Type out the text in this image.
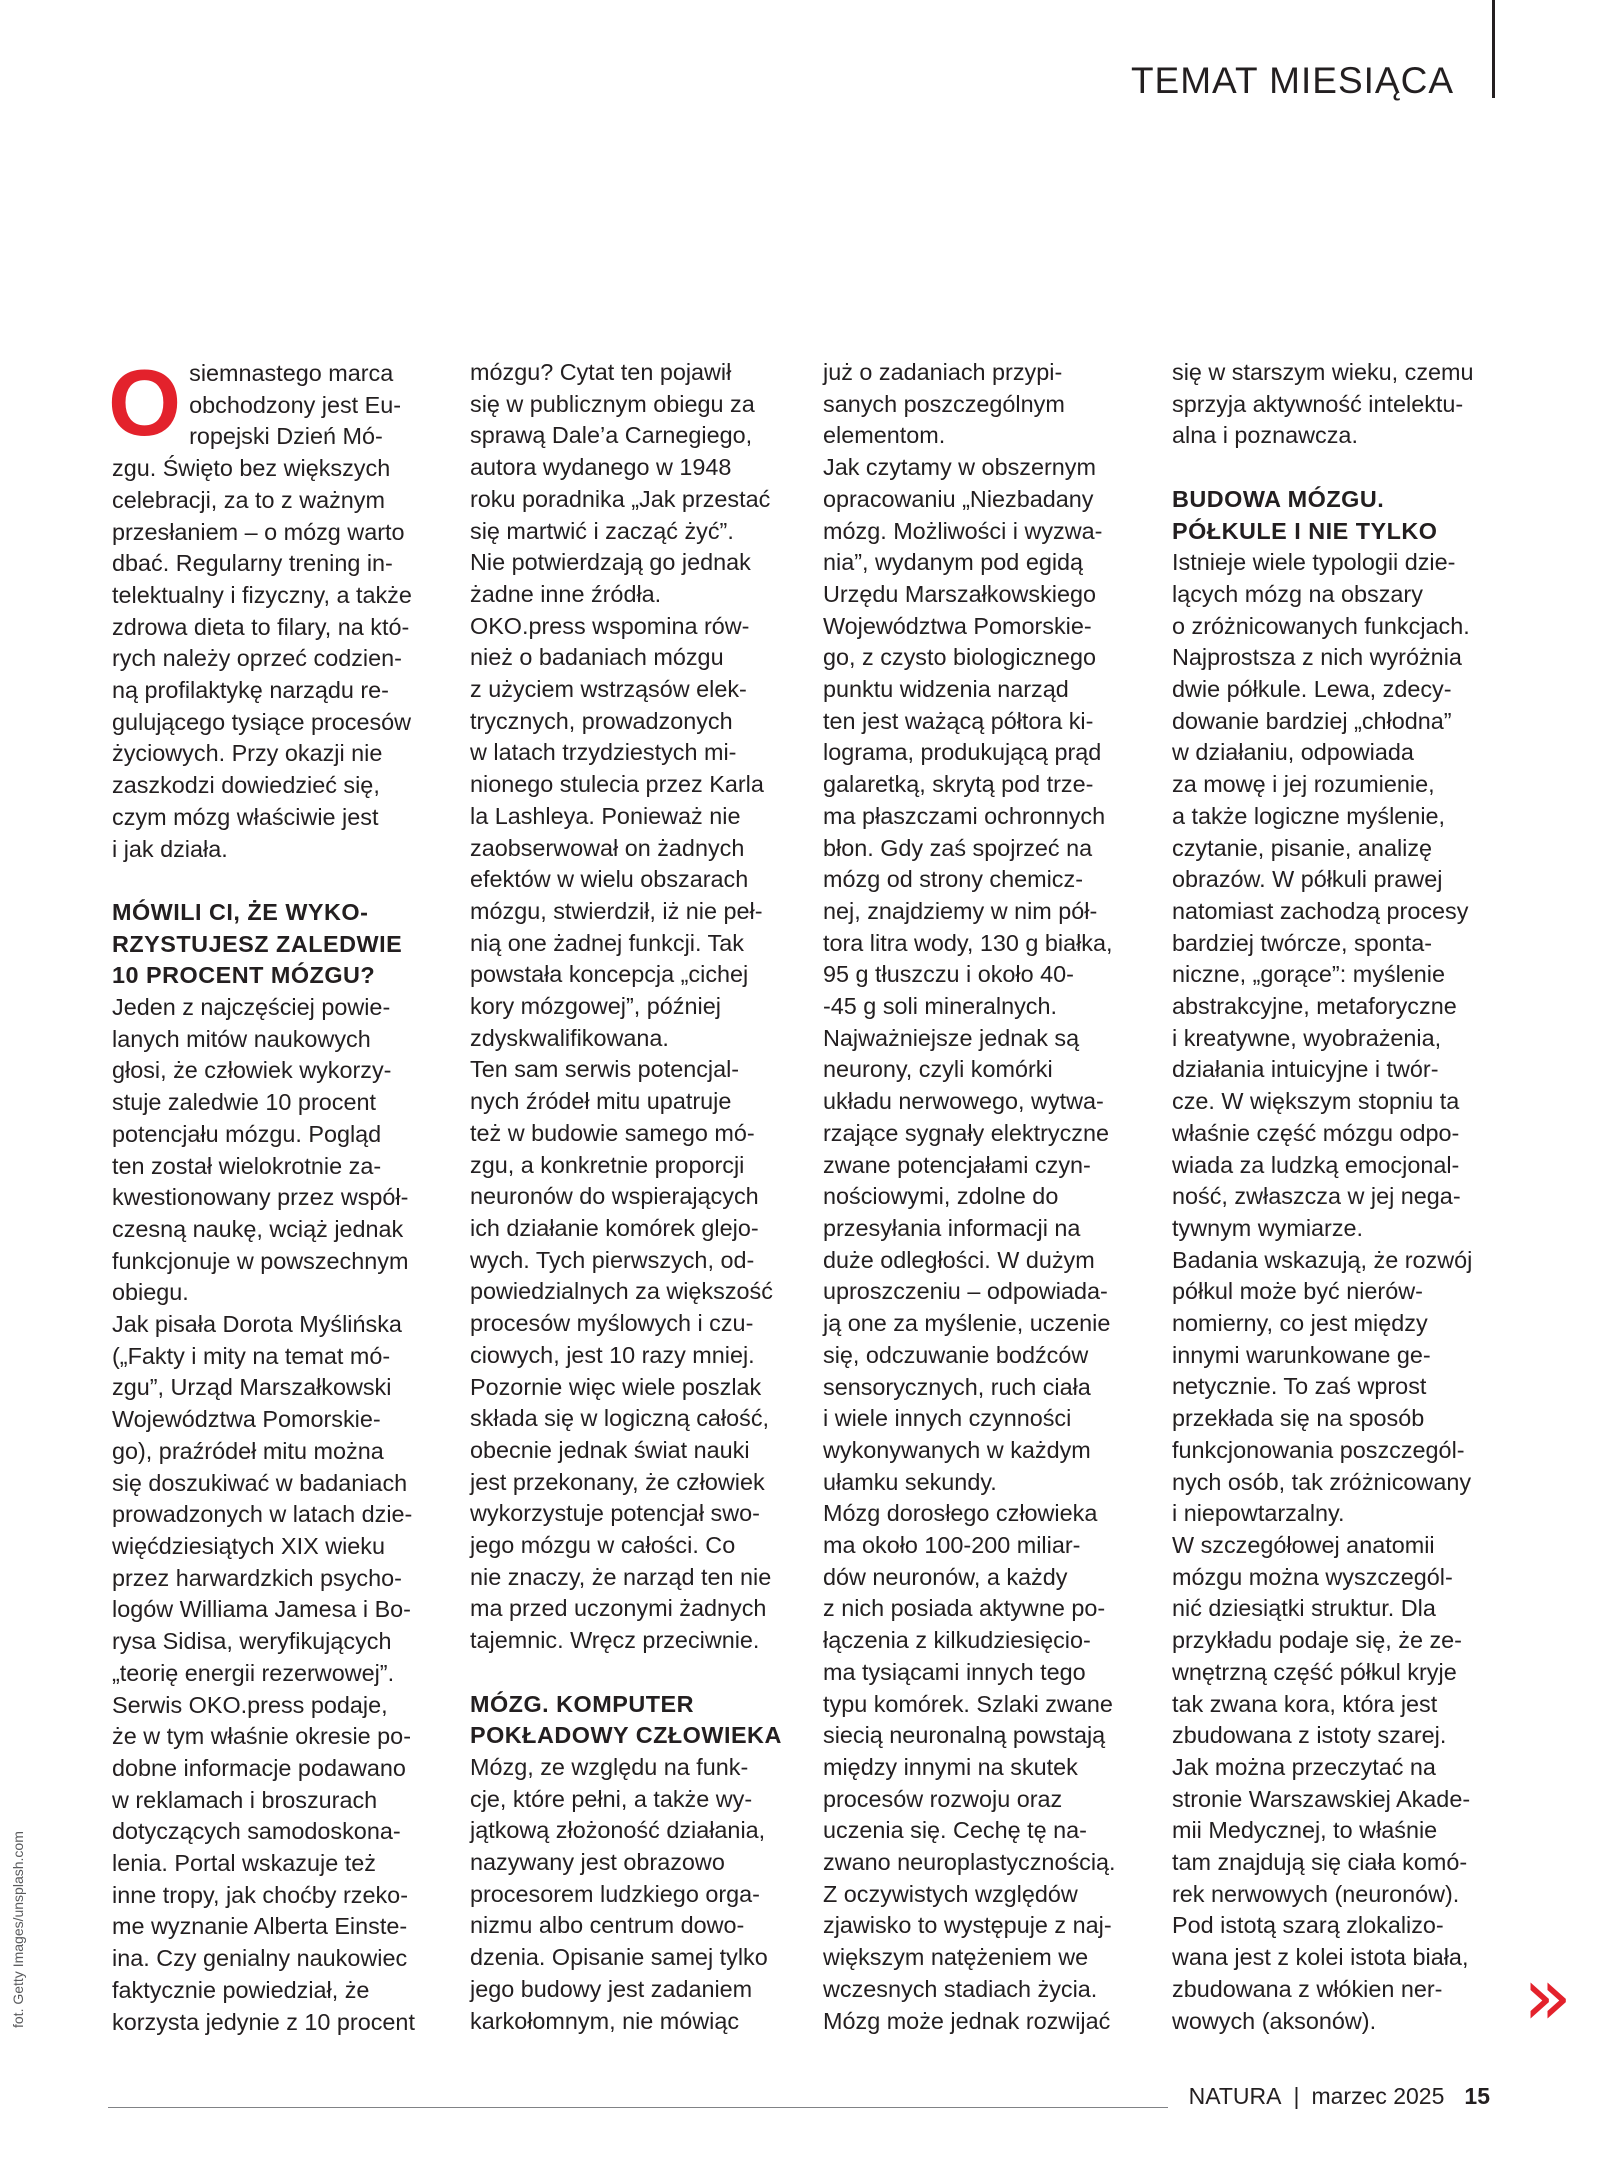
TEMAT MIESIĄCA
O siemnastego marca

obchodzony jest Eu-

ropejski Dzień Mó-

zgu. Święto bez większych

celebracji, za to z ważnym

przesłaniem – o mózg warto

dbać. Regularny trening in-

telektualny i fizyczny, a także

zdrowa dieta to filary, na któ-

rych należy oprzeć codzien-

ną profilaktykę narządu re-

gulującego tysiące procesów

życiowych. Przy okazji nie

zaszkodzi dowiedzieć się,

czym mózg właściwie jest

i jak działa.

MÓWILI CI, ŻE WYKO-

RZYSTUJESZ ZALEDWIE

10 PROCENT MÓZGU?

Jeden z najczęściej powie-

lanych mitów naukowych

głosi, że człowiek wykorzy-

stuje zaledwie 10 procent

potencjału mózgu. Pogląd

ten został wielokrotnie za-

kwestionowany przez współ-

czesną naukę, wciąż jednak

funkcjonuje w powszechnym

obiegu.

Jak pisała Dorota Myślińska

(„Fakty i mity na temat mó-

zgu”, Urząd Marszałkowski

Województwa Pomorskie-

go), praźródeł mitu można

się doszukiwać w badaniach

prowadzonych w latach dzie-

więćdziesiątych XIX wieku

przez harwardzkich psycho-

logów Williama Jamesa i Bo-

rysa Sidisa, weryfikujących

„teorię energii rezerwowej”.

Serwis OKO.press podaje,

że w tym właśnie okresie po-

dobne informacje podawano

w reklamach i broszurach

dotyczących samodoskona-

lenia. Portal wskazuje też

inne tropy, jak choćby rzeko-

me wyznanie Alberta Einste-

ina. Czy genialny naukowiec

faktycznie powiedział, że

korzysta jedynie z 10 procent

mózgu? Cytat ten pojawił

się w publicznym obiegu za

sprawą Dale’a Carnegiego,

autora wydanego w 1948

roku poradnika „Jak przestać

się martwić i zacząć żyć”.

Nie potwierdzają go jednak

żadne inne źródła.

OKO.press wspomina rów-

nież o badaniach mózgu

z użyciem wstrząsów elek-

trycznych, prowadzonych

w latach trzydziestych mi-

nionego stulecia przez Karla

la Lashleya. Ponieważ nie

zaobserwował on żadnych

efektów w wielu obszarach

mózgu, stwierdził, iż nie peł-

nią one żadnej funkcji. Tak

powstała koncepcja „cichej

kory mózgowej”, później

zdyskwalifikowana.

Ten sam serwis potencjal-

nych źródeł mitu upatruje

też w budowie samego mó-

zgu, a konkretnie proporcji

neuronów do wspierających

ich działanie komórek glejo-

wych. Tych pierwszych, od-

powiedzialnych za większość

procesów myślowych i czu-

ciowych, jest 10 razy mniej.

Pozornie więc wiele poszlak

składa się w logiczną całość,

obecnie jednak świat nauki

jest przekonany, że człowiek

wykorzystuje potencjał swo-

jego mózgu w całości. Co

nie znaczy, że narząd ten nie

ma przed uczonymi żadnych

tajemnic. Wręcz przeciwnie.

MÓZG. KOMPUTER

POKŁADOWY CZŁOWIEKA

Mózg, ze względu na funk-

cje, które pełni, a także wy-

jątkową złożoność działania,

nazywany jest obrazowo

procesorem ludzkiego orga-

nizmu albo centrum dowo-

dzenia. Opisanie samej tylko

jego budowy jest zadaniem

karkołomnym, nie mówiąc

już o zadaniach przypi-

sanych poszczególnym

elementom.

Jak czytamy w obszernym

opracowaniu „Niezbadany

mózg. Możliwości i wyzwa-

nia”, wydanym pod egidą

Urzędu Marszałkowskiego

Województwa Pomorskie-

go, z czysto biologicznego

punktu widzenia narząd

ten jest ważącą półtora ki-

lograma, produkującą prąd

galaretką, skrytą pod trze-

ma płaszczami ochronnych

błon. Gdy zaś spojrzeć na

mózg od strony chemicz-

nej, znajdziemy w nim pół-

tora litra wody, 130 g białka,

95 g tłuszczu i około 40-

-45 g soli mineralnych.

Najważniejsze jednak są

neurony, czyli komórki

układu nerwowego, wytwa-

rzające sygnały elektryczne

zwane potencjałami czyn-

nościowymi, zdolne do

przesyłania informacji na

duże odległości. W dużym

uproszczeniu – odpowiada-

ją one za myślenie, uczenie

się, odczuwanie bodźców

sensorycznych, ruch ciała

i wiele innych czynności

wykonywanych w każdym

ułamku sekundy.

Mózg dorosłego człowieka

ma około 100-200 miliar-

dów neuronów, a każdy

z nich posiada aktywne po-

łączenia z kilkudziesięcio-

ma tysiącami innych tego

typu komórek. Szlaki zwane

siecią neuronalną powstają

między innymi na skutek

procesów rozwoju oraz

uczenia się. Cechę tę na-

zwano neuroplastycznością.

Z oczywistych względów

zjawisko to występuje z naj-

większym natężeniem we

wczesnych stadiach życia.

Mózg może jednak rozwijać

się w starszym wieku, czemu

sprzyja aktywność intelektu-

alna i poznawcza.

BUDOWA MÓZGU.

PÓŁKULE I NIE TYLKO

Istnieje wiele typologii dzie-

lących mózg na obszary

o zróżnicowanych funkcjach.

Najprostsza z nich wyróżnia

dwie półkule. Lewa, zdecy-

dowanie bardziej „chłodna”

w działaniu, odpowiada

za mowę i jej rozumienie,

a także logiczne myślenie,

czytanie, pisanie, analizę

obrazów. W półkuli prawej

natomiast zachodzą procesy

bardziej twórcze, sponta-

niczne, „gorące”: myślenie

abstrakcyjne, metaforyczne

i kreatywne, wyobrażenia,

działania intuicyjne i twór-

cze. W większym stopniu ta

właśnie część mózgu odpo-

wiada za ludzką emocjonal-

ność, zwłaszcza w jej nega-

tywnym wymiarze.

Badania wskazują, że rozwój

półkul może być nierów-

nomierny, co jest między

innymi warunkowane ge-

netycznie. To zaś wprost

przekłada się na sposób

funkcjonowania poszczegól-

nych osób, tak zróżnicowany

i niepowtarzalny.

W szczegółowej anatomii

mózgu można wyszczegól-

nić dziesiątki struktur. Dla

przykładu podaje się, że ze-

wnętrzną część półkul kryje

tak zwana kora, która jest

zbudowana z istoty szarej.

Jak można przeczytać na

stronie Warszawskiej Akade-

mii Medycznej, to właśnie

tam znajdują się ciała komó-

rek nerwowych (neuronów).

Pod istotą szarą zlokalizo-

wana jest z kolei istota biała,

zbudowana z włókien ner-

wowych (aksonów).

fot. Getty Images/unsplash.com	»
NATURA | marzec 2025 15
